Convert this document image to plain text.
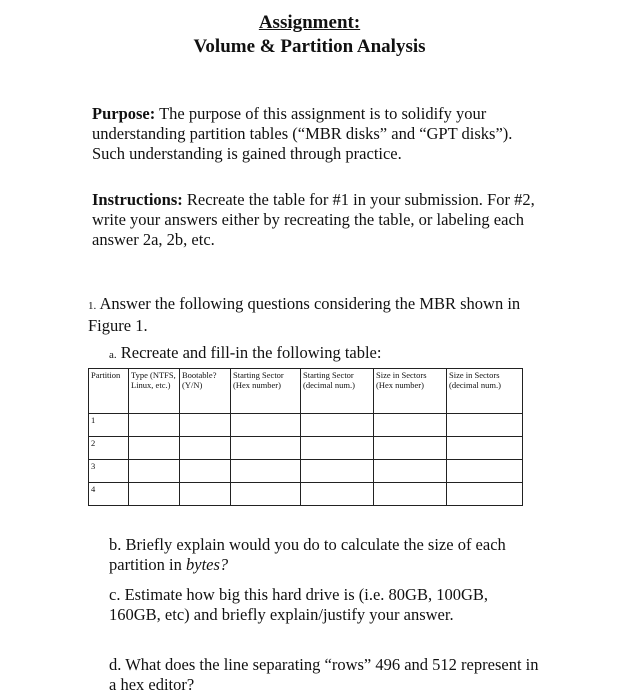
Assignment:
Volume & Partition Analysis
Purpose: The purpose of this assignment is to solidify your understanding partition tables (“MBR disks” and “GPT disks”). Such understanding is gained through practice.
Instructions: Recreate the table for #1 in your submission. For #2, write your answers either by recreating the table, or labeling each answer 2a, 2b, etc.
1. Answer the following questions considering the MBR shown in Figure 1.
a. Recreate and fill-in the following table:
Partition	Type (NTFS, Linux, etc.)	Bootable? (Y/N)	Starting Sector (Hex number)	Starting Sector (decimal num.)	Size in Sectors (Hex number)	Size in Sectors (decimal num.)
1						
2						
3						
4						
b. Briefly explain would you do to calculate the size of each partition in bytes?
c. Estimate how big this hard drive is (i.e. 80GB, 100GB, 160GB, etc) and briefly explain/justify your answer.
d. What does the line separating “rows” 496 and 512 represent in a hex editor?
